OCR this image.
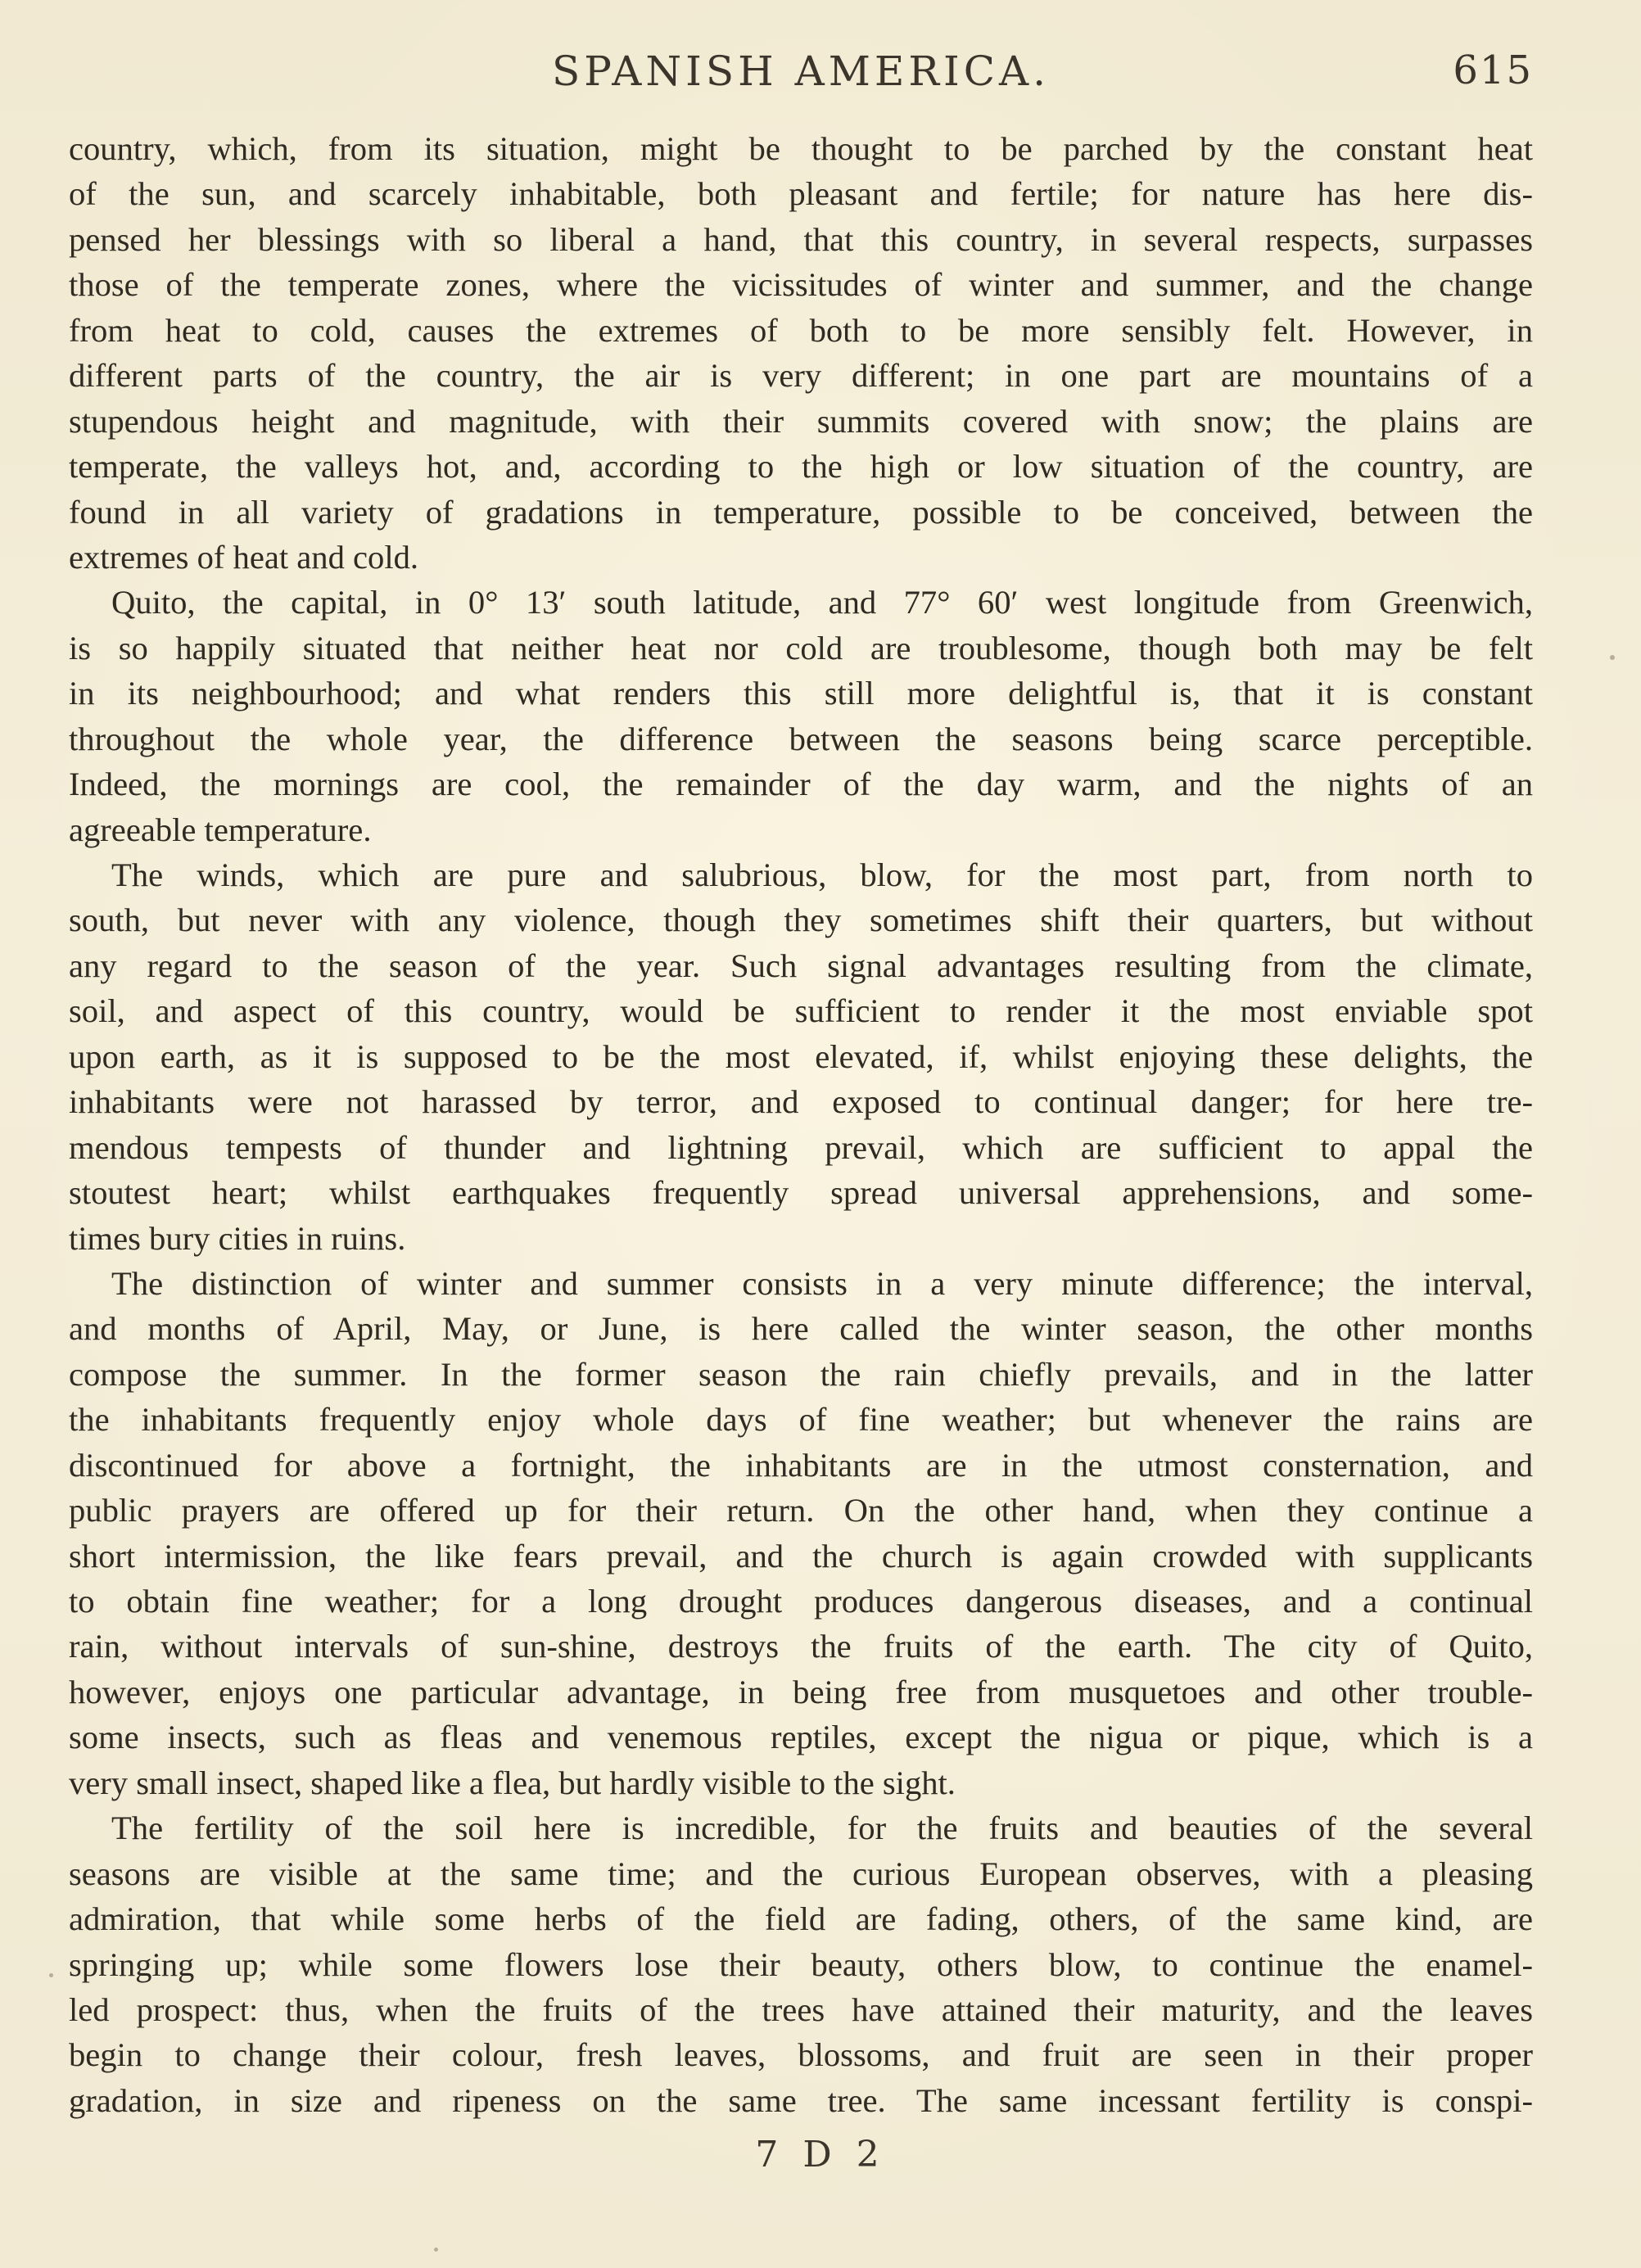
SPANISH AMERICA.	615
country, which, from its situation, might be thought to be parched by the constant heat
of the sun, and scarcely inhabitable, both pleasant and fertile; for nature has here dis-
pensed her blessings with so liberal a hand, that this country, in several respects, surpasses
those of the temperate zones, where the vicissitudes of winter and summer, and the change
from heat to cold, causes the extremes of both to be more sensibly felt. However, in
different parts of the country, the air is very different; in one part are mountains of a
stupendous height and magnitude, with their summits covered with snow; the plains are
temperate, the valleys hot, and, according to the high or low situation of the country, are
found in all variety of gradations in temperature, possible to be conceived, between the
extremes of heat and cold.
Quito, the capital, in 0° 13′ south latitude, and 77° 60′ west longitude from Greenwich,
is so happily situated that neither heat nor cold are troublesome, though both may be felt
in its neighbourhood; and what renders this still more delightful is, that it is constant
throughout the whole year, the difference between the seasons being scarce perceptible.
Indeed, the mornings are cool, the remainder of the day warm, and the nights of an
agreeable temperature.
The winds, which are pure and salubrious, blow, for the most part, from north to
south, but never with any violence, though they sometimes shift their quarters, but without
any regard to the season of the year. Such signal advantages resulting from the climate,
soil, and aspect of this country, would be sufficient to render it the most enviable spot
upon earth, as it is supposed to be the most elevated, if, whilst enjoying these delights, the
inhabitants were not harassed by terror, and exposed to continual danger; for here tre-
mendous tempests of thunder and lightning prevail, which are sufficient to appal the
stoutest heart; whilst earthquakes frequently spread universal apprehensions, and some-
times bury cities in ruins.
The distinction of winter and summer consists in a very minute difference; the interval,
and months of April, May, or June, is here called the winter season, the other months
compose the summer. In the former season the rain chiefly prevails, and in the latter
the inhabitants frequently enjoy whole days of fine weather; but whenever the rains are
discontinued for above a fortnight, the inhabitants are in the utmost consternation, and
public prayers are offered up for their return. On the other hand, when they continue a
short intermission, the like fears prevail, and the church is again crowded with supplicants
to obtain fine weather; for a long drought produces dangerous diseases, and a continual
rain, without intervals of sun-shine, destroys the fruits of the earth. The city of Quito,
however, enjoys one particular advantage, in being free from musquetoes and other trouble-
some insects, such as fleas and venemous reptiles, except the nigua or pique, which is a
very small insect, shaped like a flea, but hardly visible to the sight.
The fertility of the soil here is incredible, for the fruits and beauties of the several
seasons are visible at the same time; and the curious European observes, with a pleasing
admiration, that while some herbs of the field are fading, others, of the same kind, are
springing up; while some flowers lose their beauty, others blow, to continue the enamel-
led prospect: thus, when the fruits of the trees have attained their maturity, and the leaves
begin to change their colour, fresh leaves, blossoms, and fruit are seen in their proper
gradation, in size and ripeness on the same tree. The same incessant fertility is conspi-
7 D 2
